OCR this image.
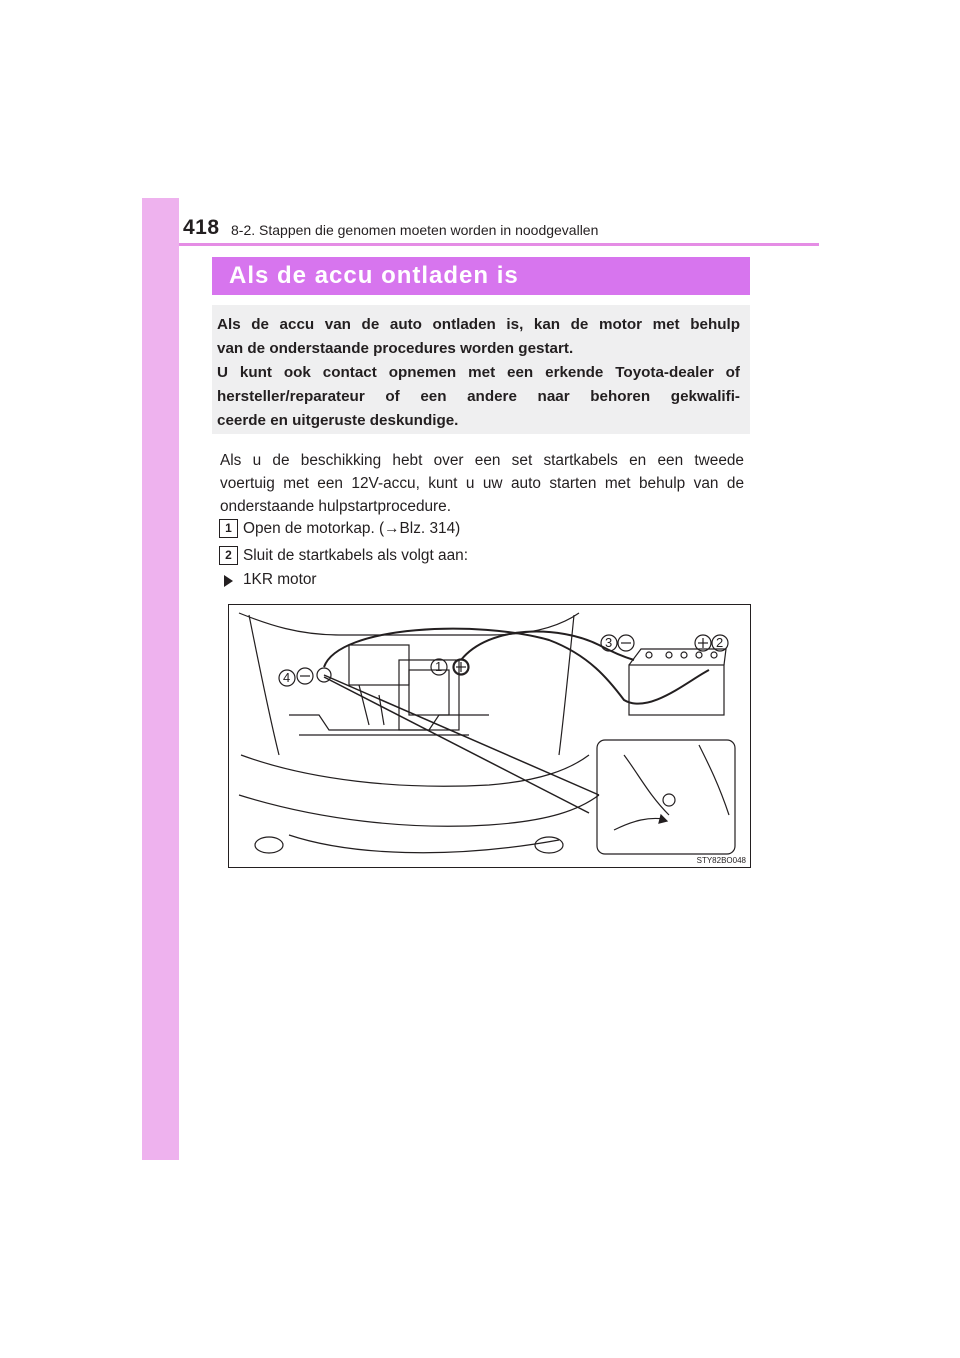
418 8-2. Stappen die genomen moeten worden in noodgevallen
Als de accu ontladen is
Als de accu van de auto ontladen is, kan de motor met behulp
van de onderstaande procedures worden gestart.
U kunt ook contact opnemen met een erkende Toyota-dealer of
hersteller/reparateur of een andere naar behoren gekwalifi-
ceerde en uitgeruste deskundige.
Als u de beschikking hebt over een set startkabels en een tweede
voertuig met een 12V-accu, kunt u uw auto starten met behulp van de
onderstaande hulpstartprocedure.
1 Open de motorkap. (→Blz. 314)
2 Sluit de startkabels als volgt aan:
1KR motor
1
2
3
4
STY82BO048
